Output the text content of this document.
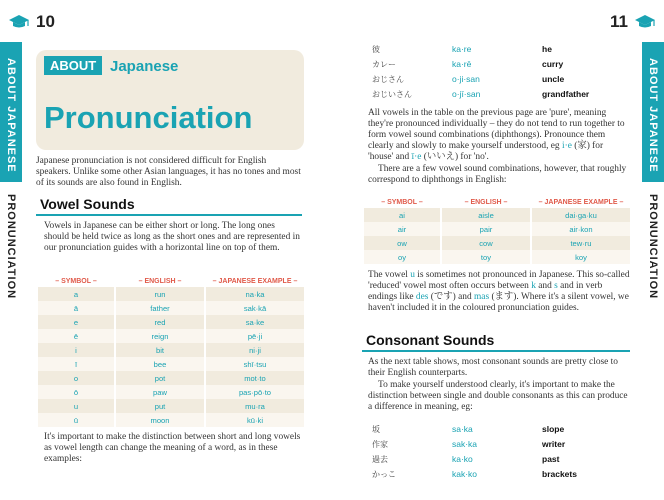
10
ABOUT JAPANESE
PRONUNCIATION
ABOUT Japanese
Pronunciation

Japanese pronunciation is not considered difficult for English speakers. Unlike some other Asian languages, it has no tones and most of its sounds are also found in English.

Vowel Sounds

Vowels in Japanese can be either short or long. The long ones should be held twice as long as the short ones and are represented in our pronunciation guides with a horizontal line on top of them.

– SYMBOL –	– ENGLISH –	– JAPANESE EXAMPLE –
a	run	na·ka
ā	father	sak·kā
e	red	sa·ke
ē	reign	pē·ji
i	bit	ni·ji
ī	bee	shī·tsu
o	pot	mot·to
ō	paw	pas·pō·to
u	put	mu·ra
ū	moon	kū·ki

It's important to make the distinction between short and long vowels as vowel length can change the meaning of a word, as in these examples:

11
ABOUT JAPANESE
PRONUNCIATION
彼	ka·re	he
カレー	ka·rē	curry
おじさん	o·ji·san	uncle
おじいさん	o·jī·san	grandfather

All vowels in the table on the previous page are 'pure', meaning they're pronounced individually – they do not tend to run together to form vowel sound combinations (diphthongs). Pronounce them clearly and slowly to make yourself understood, eg i·e (家) for 'house' and ī·e (いいえ) for 'no'.

There are a few vowel sound combinations, however, that roughly correspond to diphthongs in English:

– SYMBOL –	– ENGLISH –	– JAPANESE EXAMPLE –
ai	aisle	dai·ga·ku
air	pair	air·kon
ow	cow	tew·ru
oy	toy	koy

The vowel u is sometimes not pronounced in Japanese. This so-called 'reduced' vowel most often occurs between k and s and in verb endings like des (です) and mas (ます). Where it's a silent vowel, we haven't included it in the coloured pronunciation guides.

Consonant Sounds

As the next table shows, most consonant sounds are pretty close to their English counterparts.

To make yourself understood clearly, it's important to make the distinction between single and double consonants as this can produce a difference in meaning, eg:

坂	sa·ka	slope
作家	sak·ka	writer
過去	ka·ko	past
かっこ	kak·ko	brackets
